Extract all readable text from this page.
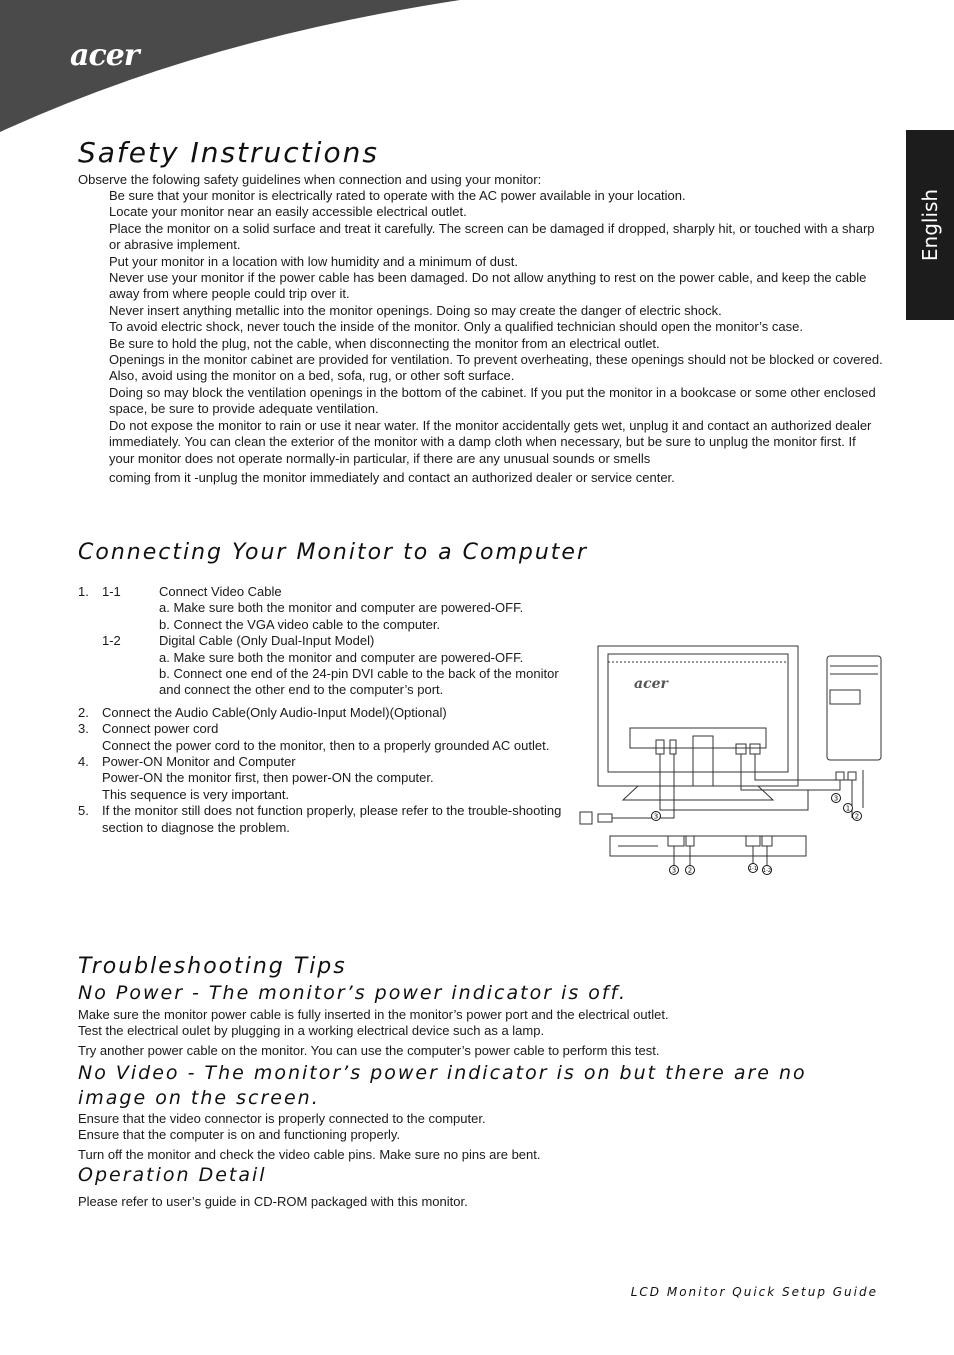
acer
English
Safety Instructions
Observe the folowing safety guidelines when connection and using your monitor:
Be sure that your monitor is electrically rated to operate with the AC power available in your location.
Locate your monitor near an easily accessible electrical outlet.
Place the monitor on a solid surface and treat it carefully. The screen can be damaged if dropped, sharply hit, or touched with a sharp or abrasive implement.
Put your monitor in a location with low humidity and a minimum of dust.
Never use your monitor if the power cable has been damaged. Do not allow anything to rest on the power cable, and keep the cable away from where people could trip over it.
Never insert anything metallic into the monitor openings. Doing so may create the danger of electric shock.
To avoid electric shock, never touch the inside of the monitor. Only a qualified technician should open the monitor’s case.
Be sure to hold the plug, not the cable, when disconnecting the monitor from an electrical outlet.
Openings in the monitor cabinet are provided for ventilation. To prevent overheating, these openings should not be blocked or covered. Also, avoid using the monitor on a bed, sofa, rug, or other soft surface.
Doing so may block the ventilation openings in the bottom of the cabinet. If you put the monitor in a bookcase or some other enclosed space, be sure to provide adequate ventilation.
Do not expose the monitor to rain or use it near water. If the monitor accidentally gets wet, unplug it and contact an authorized dealer immediately. You can clean the exterior of the monitor with a damp cloth when necessary, but be sure to unplug the monitor first. If your monitor does not operate normally-in particular, if there are any unusual sounds or smells
coming from it -unplug the monitor immediately and contact an authorized dealer or service center.
Connecting Your Monitor to a Computer
1. 1-1	Connect Video Cable
a. Make sure both the monitor and computer are powered-OFF.
b. Connect the VGA video cable to the computer.
1-2	Digital Cable (Only Dual-Input Model)
a. Make sure both the monitor and computer are powered-OFF.
b. Connect one end of the 24-pin DVI cable to the back of the monitor and connect the other end to the computer’s port.
2. Connect the Audio Cable(Only Audio-Input Model)(Optional)
3. Connect power cord
Connect the power cord to the monitor, then to a properly grounded AC outlet.
4. Power-ON Monitor and Computer
Power-ON the monitor first, then power-ON the computer.
This sequence is very important.
5. If the monitor still does not function properly, please refer to the trouble-shooting section to diagnose the problem.
acer
3
1
2
3
3 2	1-1 1-2
Troubleshooting Tips
No Power - The monitor’s power indicator is off.
Make sure the monitor power cable is fully inserted in the monitor’s power port and the electrical outlet.
Test the electrical oulet by plugging in a working electrical device such as a lamp.
Try another power cable on the monitor. You can use the computer’s power cable to perform this test.
No Video - The monitor’s power indicator is on but there are no image on the screen.
Ensure that the video connector is properly connected to the computer.
Ensure that the computer is on and functioning properly.
Turn off the monitor and check the video cable pins. Make sure no pins are bent.
Operation Detail
Please refer to user’s guide in CD-ROM packaged with this monitor.
LCD Monitor Quick Setup Guide
